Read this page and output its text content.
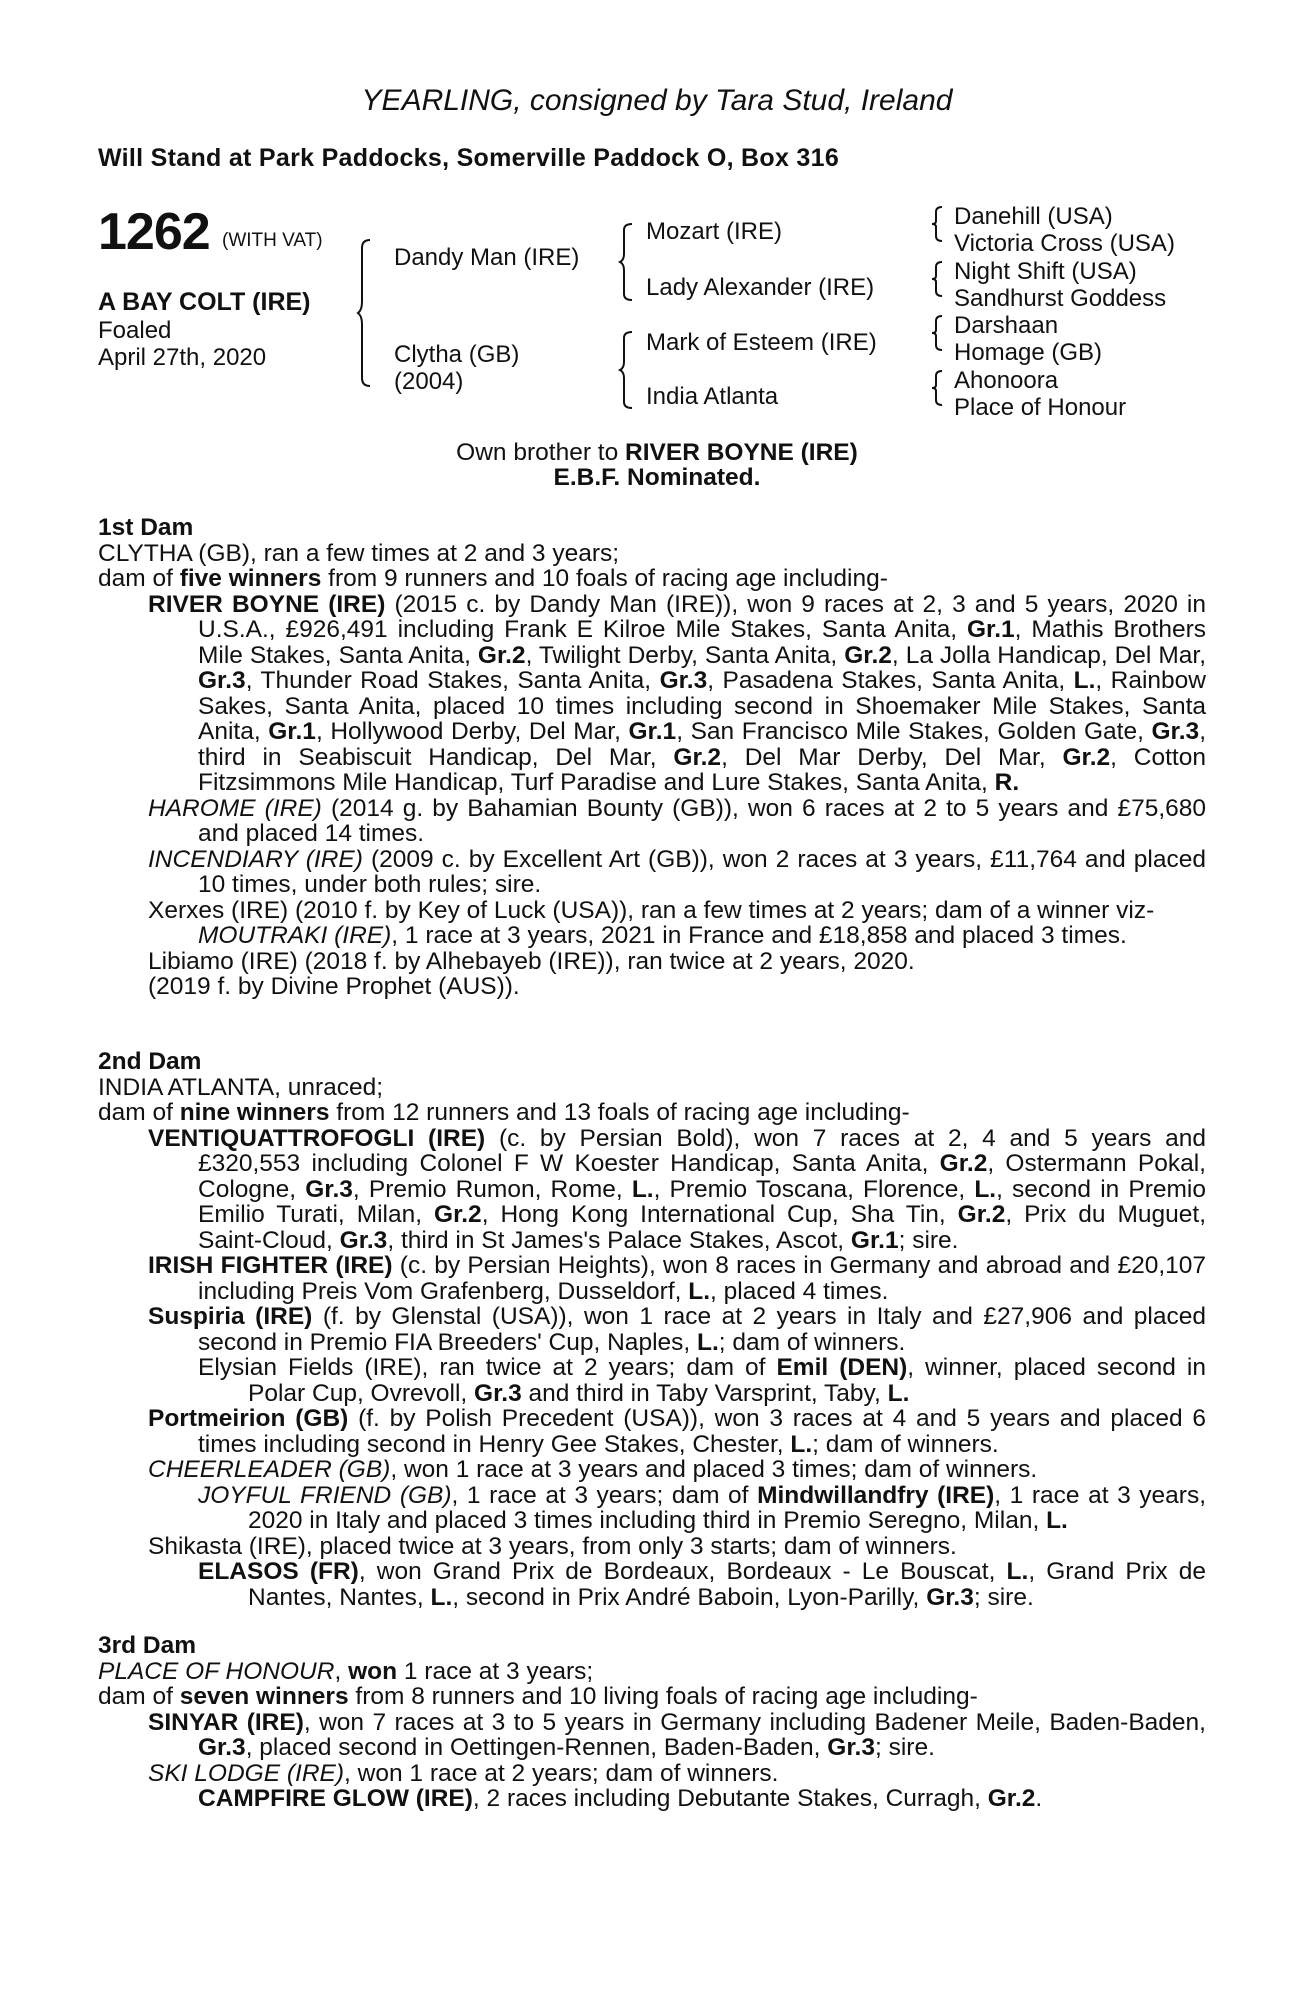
YEARLING, consigned by Tara Stud, Ireland
Will Stand at Park Paddocks, Somerville Paddock O, Box 316
1262 (WITH VAT)
A BAY COLT (IRE)
Foaled
April 27th, 2020
Dandy Man (IRE)
Clytha (GB)
(2004)
Mozart (IRE)
Lady Alexander (IRE)
Mark of Esteem (IRE)
India Atlanta
Danehill (USA)
Victoria Cross (USA)
Night Shift (USA)
Sandhurst Goddess
Darshaan
Homage (GB)
Ahonoora
Place of Honour
Own brother to RIVER BOYNE (IRE)
E.B.F. Nominated.

1st Dam

CLYTHA (GB), ran a few times at 2 and 3 years;

dam of five winners from 9 runners and 10 foals of racing age including-

RIVER BOYNE (IRE) (2015 c. by Dandy Man (IRE)), won 9 races at 2, 3 and 5 years, 2020 in U.S.A., £926,491 including Frank E Kilroe Mile Stakes, Santa Anita, Gr.1, Mathis Brothers Mile Stakes, Santa Anita, Gr.2, Twilight Derby, Santa Anita, Gr.2, La Jolla Handicap, Del Mar, Gr.3, Thunder Road Stakes, Santa Anita, Gr.3, Pasadena Stakes, Santa Anita, L., Rainbow Sakes, Santa Anita, placed 10 times including second in Shoemaker Mile Stakes, Santa Anita, Gr.1, Hollywood Derby, Del Mar, Gr.1, San Francisco Mile Stakes, Golden Gate, Gr.3, third in Seabiscuit Handicap, Del Mar, Gr.2, Del Mar Derby, Del Mar, Gr.2, Cotton Fitzsimmons Mile Handicap, Turf Paradise and Lure Stakes, Santa Anita, R.

HAROME (IRE) (2014 g. by Bahamian Bounty (GB)), won 6 races at 2 to 5 years and £75,680 and placed 14 times.

INCENDIARY (IRE) (2009 c. by Excellent Art (GB)), won 2 races at 3 years, £11,764 and placed 10 times, under both rules; sire.

Xerxes (IRE) (2010 f. by Key of Luck (USA)), ran a few times at 2 years; dam of a winner viz-

MOUTRAKI (IRE), 1 race at 3 years, 2021 in France and £18,858 and placed 3 times.

Libiamo (IRE) (2018 f. by Alhebayeb (IRE)), ran twice at 2 years, 2020.

(2019 f. by Divine Prophet (AUS)).

2nd Dam

INDIA ATLANTA, unraced;

dam of nine winners from 12 runners and 13 foals of racing age including-

VENTIQUATTROFOGLI (IRE) (c. by Persian Bold), won 7 races at 2, 4 and 5 years and £320,553 including Colonel F W Koester Handicap, Santa Anita, Gr.2, Ostermann Pokal, Cologne, Gr.3, Premio Rumon, Rome, L., Premio Toscana, Florence, L., second in Premio Emilio Turati, Milan, Gr.2, Hong Kong International Cup, Sha Tin, Gr.2, Prix du Muguet, Saint-Cloud, Gr.3, third in St James's Palace Stakes, Ascot, Gr.1; sire.

IRISH FIGHTER (IRE) (c. by Persian Heights), won 8 races in Germany and abroad and £20,107 including Preis Vom Grafenberg, Dusseldorf, L., placed 4 times.

Suspiria (IRE) (f. by Glenstal (USA)), won 1 race at 2 years in Italy and £27,906 and placed second in Premio FIA Breeders' Cup, Naples, L.; dam of winners.

Elysian Fields (IRE), ran twice at 2 years; dam of Emil (DEN), winner, placed second in Polar Cup, Ovrevoll, Gr.3 and third in Taby Varsprint, Taby, L.

Portmeirion (GB) (f. by Polish Precedent (USA)), won 3 races at 4 and 5 years and placed 6 times including second in Henry Gee Stakes, Chester, L.; dam of winners.

CHEERLEADER (GB), won 1 race at 3 years and placed 3 times; dam of winners.

JOYFUL FRIEND (GB), 1 race at 3 years; dam of Mindwillandfry (IRE), 1 race at 3 years, 2020 in Italy and placed 3 times including third in Premio Seregno, Milan, L.

Shikasta (IRE), placed twice at 3 years, from only 3 starts; dam of winners.

ELASOS (FR), won Grand Prix de Bordeaux, Bordeaux - Le Bouscat, L., Grand Prix de Nantes, Nantes, L., second in Prix André Baboin, Lyon-Parilly, Gr.3; sire.

3rd Dam

PLACE OF HONOUR, won 1 race at 3 years;

dam of seven winners from 8 runners and 10 living foals of racing age including-

SINYAR (IRE), won 7 races at 3 to 5 years in Germany including Badener Meile, Baden-Baden, Gr.3, placed second in Oettingen-Rennen, Baden-Baden, Gr.3; sire.

SKI LODGE (IRE), won 1 race at 2 years; dam of winners.

CAMPFIRE GLOW (IRE), 2 races including Debutante Stakes, Curragh, Gr.2.
